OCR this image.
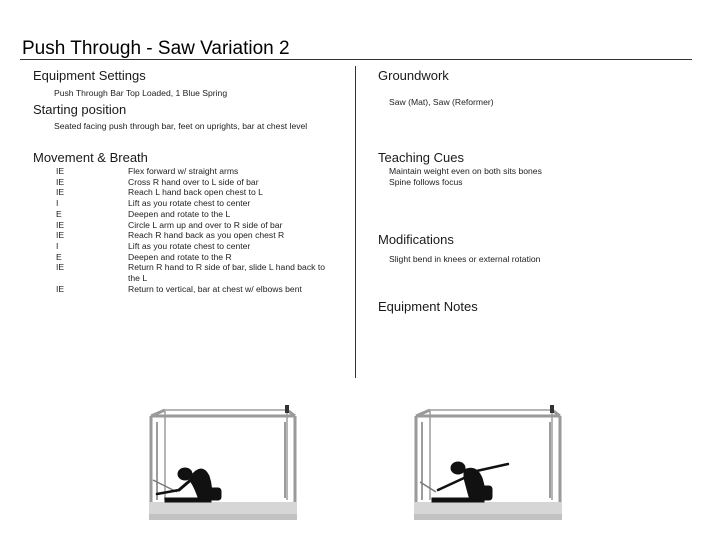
Push Through - Saw Variation 2
Equipment Settings
Push Through Bar Top Loaded, 1 Blue Spring
Starting position
Seated facing push through bar, feet on uprights, bar at chest level
Movement & Breath
IE	Flex forward w/ straight arms
IE	Cross R hand over to L side of bar
IE	Reach L hand back open chest to L
I	Lift as you rotate chest to center
E	Deepen and rotate to the L
IE	Circle L arm up and over to R side of bar
IE	Reach R hand back as you open chest R
I	Lift as you rotate chest to center
E	Deepen and rotate to the R
IE	Return R hand to R side of bar, slide L hand back to the L
IE	Return to vertical, bar at chest w/ elbows bent
Groundwork
Saw (Mat), Saw (Reformer)
Teaching Cues
Maintain weight even on both sits bones
Spine follows focus
Modifications
Slight bend in knees or external rotation
Equipment Notes
